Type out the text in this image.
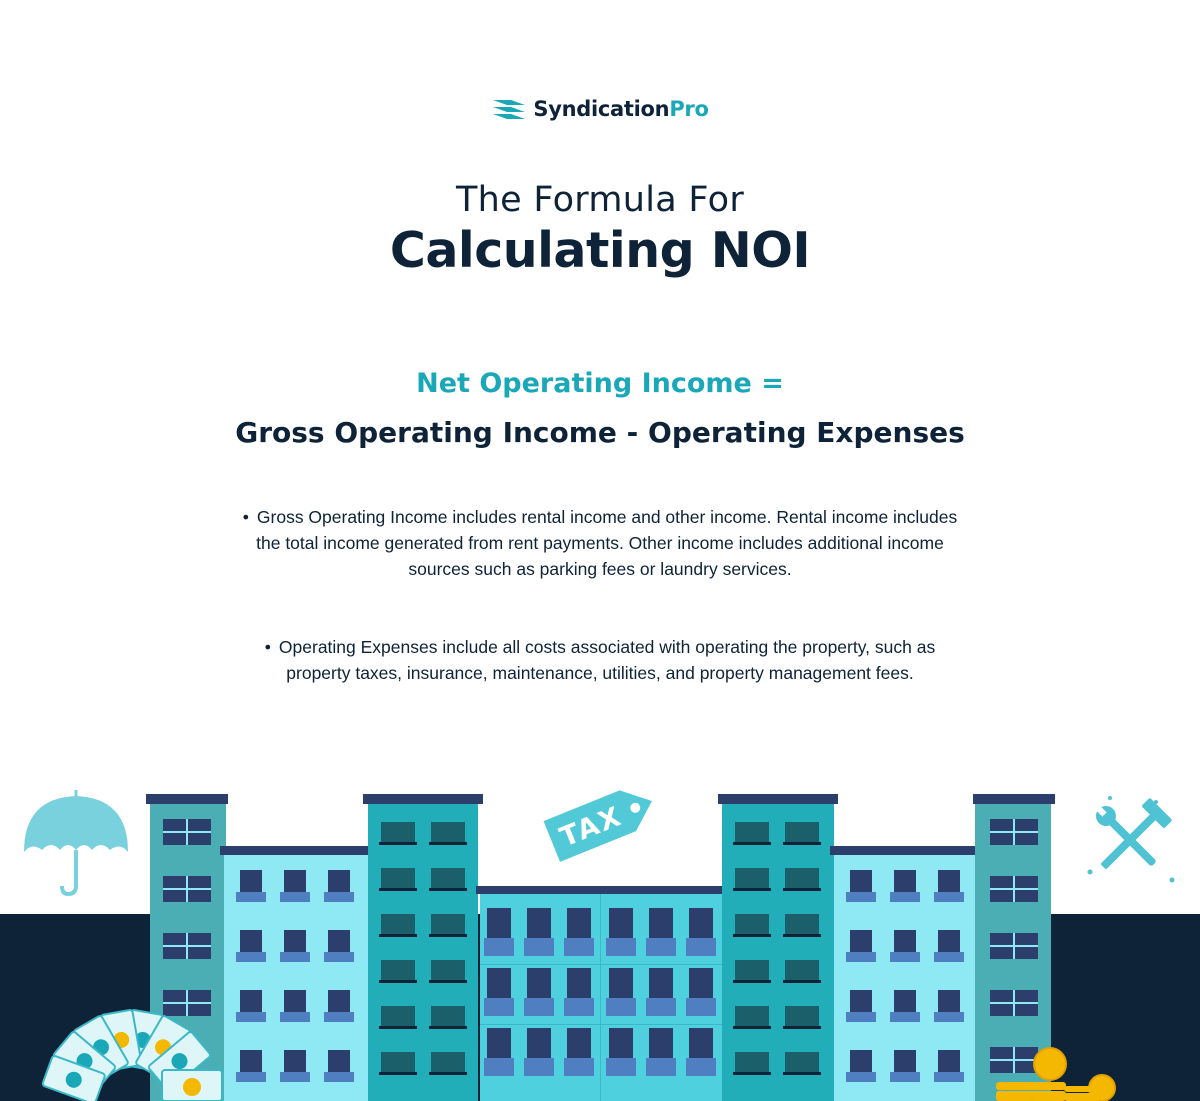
SyndicationPro
The Formula For
Calculating NOI
Net Operating Income =
Gross Operating Income - Operating Expenses
• Gross Operating Income includes rental income and other income. Rental income includes the total income generated from rent payments. Other income includes additional income sources such as parking fees or laundry services.
• Operating Expenses include all costs associated with operating the property, such as property taxes, insurance, maintenance, utilities, and property management fees.
TAX
